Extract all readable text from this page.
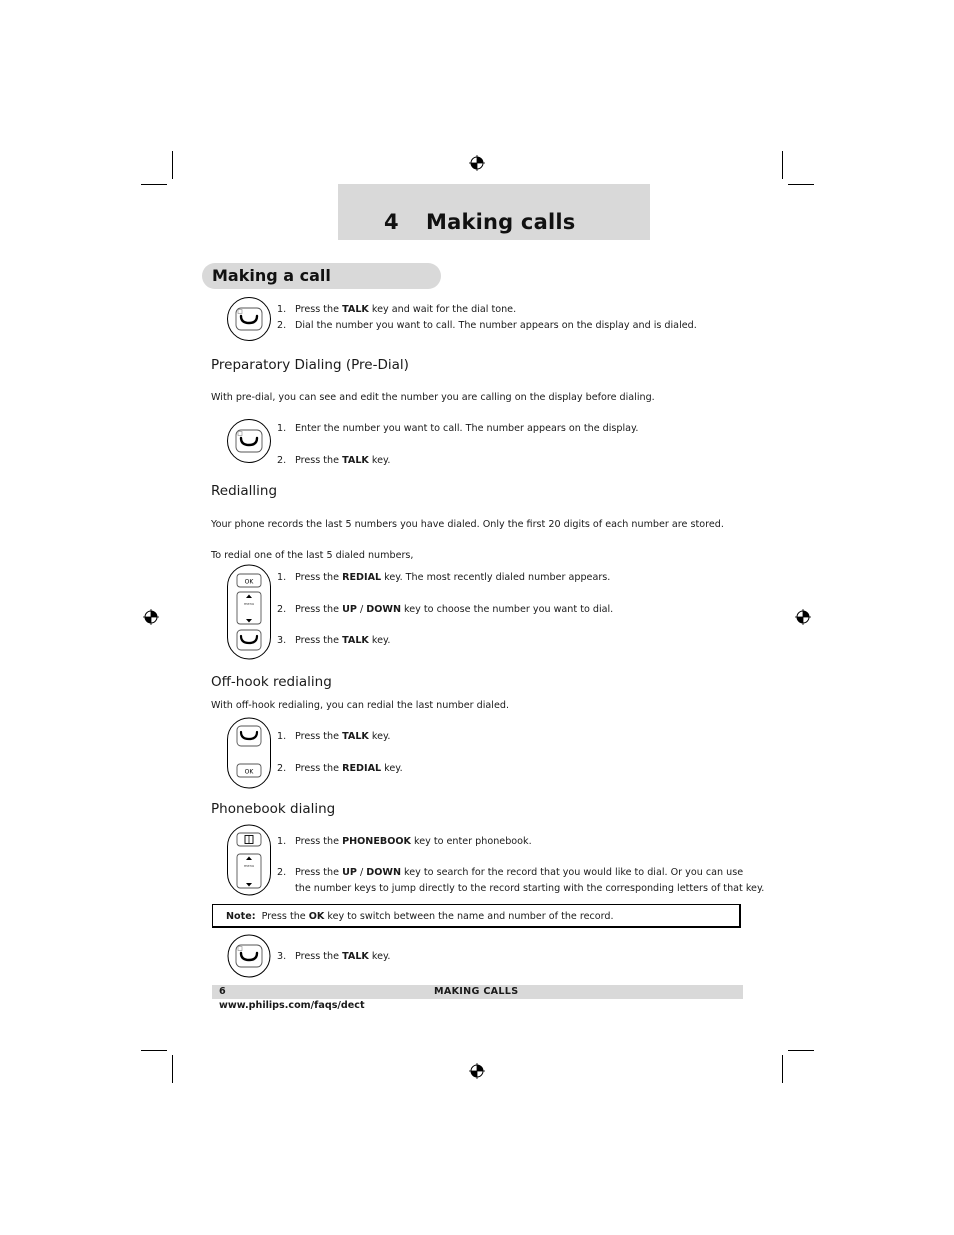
4 Making calls
Making a call
1. Press the TALK key and wait for the dial tone.
2. Dial the number you want to call. The number appears on the display and is dialed.
Preparatory Dialing (Pre-Dial)
With pre-dial, you can see and edit the number you are calling on the display before dialing.
1. Enter the number you want to call. The number appears on the display.
2. Press the TALK key.
Redialling
Your phone records the last 5 numbers you have dialed. Only the first 20 digits of each number are stored.
To redial one of the last 5 dialed numbers,
OK
menu
1. Press the REDIAL key. The most recently dialed number appears.
2. Press the UP / DOWN key to choose the number you want to dial.
3. Press the TALK key.
Off-hook redialing
With off-hook redialing, you can redial the last number dialed.
OK
1. Press the TALK key.
2. Press the REDIAL key.
Phonebook dialing
menu
1. Press the PHONEBOOK key to enter phonebook.
2. Press the UP / DOWN key to search for the record that you would like to dial. Or you can use
the number keys to jump directly to the record starting with the corresponding letters of that key.
Note:  Press the OK key to switch between the name and number of the record.
3. Press the TALK key.
6	MAKING CALLS
www.philips.com/faqs/dect
